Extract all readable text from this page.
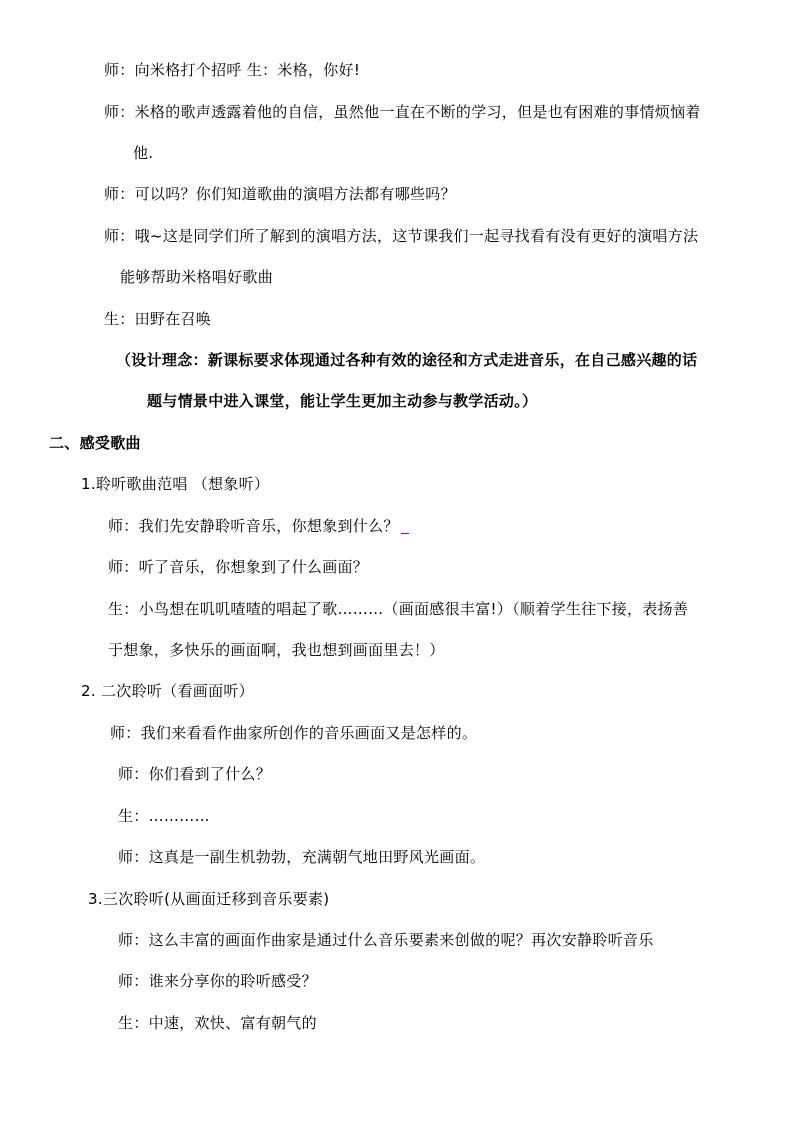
师：向米格打个招呼 生：米格，你好!
师：米格的歌声透露着他的自信，虽然他一直在不断的学习，但是也有困难的事情烦恼着
他.
师：可以吗？你们知道歌曲的演唱方法都有哪些吗？
师：哦~这是同学们所了解到的演唱方法，这节课我们一起寻找看有没有更好的演唱方法
能够帮助米格唱好歌曲
生：田野在召唤
（设计理念：新课标要求体现通过各种有效的途径和方式走进音乐，在自己感兴趣的话
题与情景中进入课堂，能让学生更加主动参与教学活动。）
二、感受歌曲
1.聆听歌曲范唱 （想象听）
师：我们先安静聆听音乐，你想象到什么？
师：听了音乐，你想象到了什么画面？
生：小鸟想在叽叽喳喳的唱起了歌………（画面感很丰富!）（顺着学生往下接，表扬善
于想象，多快乐的画面啊，我也想到画面里去！）
2. 二次聆听（看画面听）
师：我们来看看作曲家所创作的音乐画面又是怎样的。
师：你们看到了什么？
生：…………
师：这真是一副生机勃勃，充满朝气地田野风光画面。
3.三次聆听(从画面迁移到音乐要素)
师：这么丰富的画面作曲家是通过什么音乐要素来创做的呢？再次安静聆听音乐
师：谁来分享你的聆听感受？
生：中速，欢快、富有朝气的
